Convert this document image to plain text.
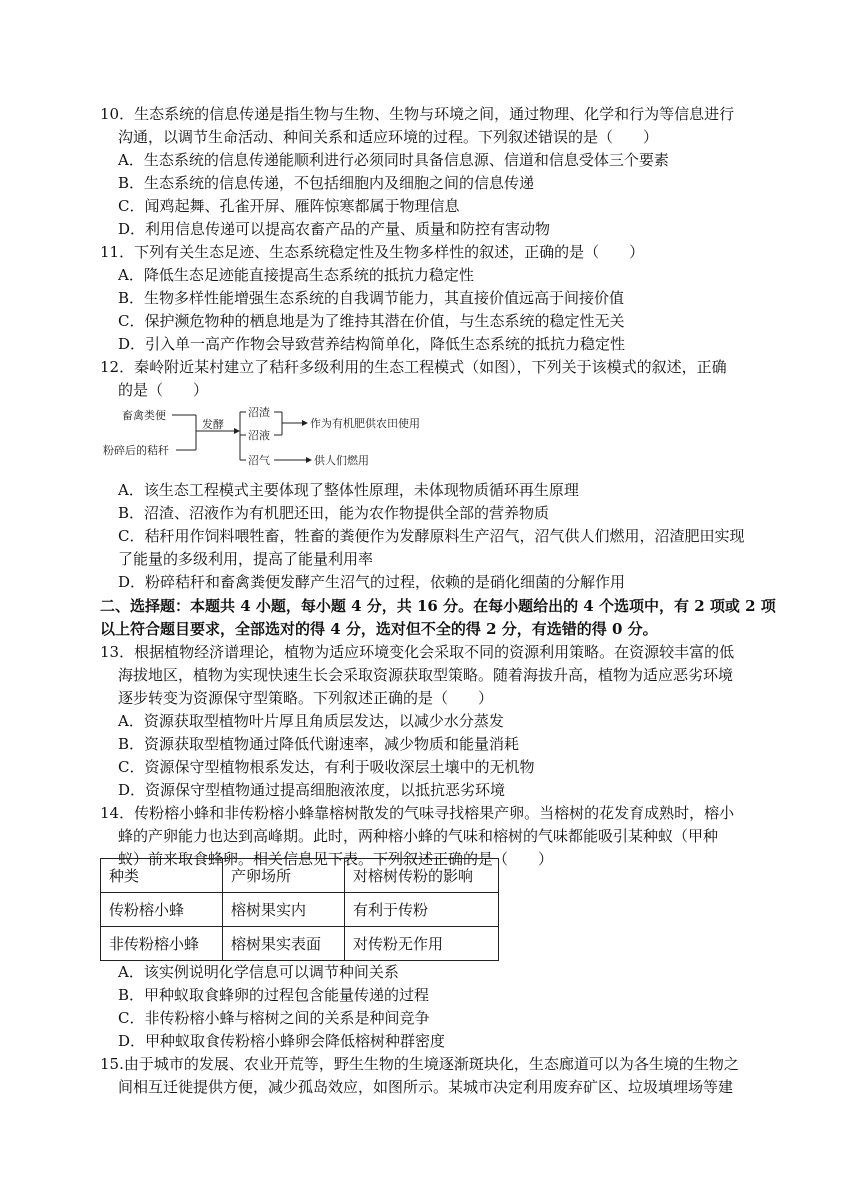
10．生态系统的信息传递是指生物与生物、生物与环境之间，通过物理、化学和行为等信息进行
沟通，以调节生命活动、种间关系和适应环境的过程。下列叙述错误的是（　　）
A．生态系统的信息传递能顺利进行必须同时具备信息源、信道和信息受体三个要素
B．生态系统的信息传递，不包括细胞内及细胞之间的信息传递
C．闻鸡起舞、孔雀开屏、雁阵惊寒都属于物理信息
D．利用信息传递可以提高农畜产品的产量、质量和防控有害动物
11．下列有关生态足迹、生态系统稳定性及生物多样性的叙述，正确的是（　　）
A．降低生态足迹能直接提高生态系统的抵抗力稳定性
B．生物多样性能增强生态系统的自我调节能力，其直接价值远高于间接价值
C．保护濒危物种的栖息地是为了维持其潜在价值，与生态系统的稳定性无关
D．引入单一高产作物会导致营养结构简单化，降低生态系统的抵抗力稳定性
12．秦岭附近某村建立了秸秆多级利用的生态工程模式（如图），下列关于该模式的叙述，正确
的是（　　）
畜禽类便
粉碎后的秸秆
发酵
沼渣
沼液
沼气
作为有机肥供农田使用
供人们燃用
A．该生态工程模式主要体现了整体性原理，未体现物质循环再生原理
B．沼渣、沼液作为有机肥还田，能为农作物提供全部的营养物质
C．秸秆用作饲料喂牲畜，牲畜的粪便作为发酵原料生产沼气，沼气供人们燃用，沼渣肥田实现
了能量的多级利用，提高了能量利用率
D．粉碎秸秆和畜禽粪便发酵产生沼气的过程，依赖的是硝化细菌的分解作用
二、选择题：本题共 4 小题，每小题 4 分，共 16 分。在每小题给出的 4 个选项中，有 2 项或 2 项
以上符合题目要求，全部选对的得 4 分，选对但不全的得 2 分，有选错的得 0 分。
13．根据植物经济谱理论，植物为适应环境变化会采取不同的资源利用策略。在资源较丰富的低
海拔地区，植物为实现快速生长会采取资源获取型策略。随着海拔升高，植物为适应恶劣环境
逐步转变为资源保守型策略。下列叙述正确的是（　　）
A．资源获取型植物叶片厚且角质层发达，以减少水分蒸发
B．资源获取型植物通过降低代谢速率，减少物质和能量消耗
C．资源保守型植物根系发达，有利于吸收深层土壤中的无机物
D．资源保守型植物通过提高细胞液浓度，以抵抗恶劣环境
14．传粉榕小蜂和非传粉榕小蜂靠榕树散发的气味寻找榕果产卵。当榕树的花发育成熟时，榕小
蜂的产卵能力也达到高峰期。此时，两种榕小蜂的气味和榕树的气味都能吸引某种蚁（甲种
蚁）前来取食蜂卵。相关信息见下表。下列叙述正确的是（　　）
种类	产卵场所	对榕树传粉的影响
传粉榕小蜂	榕树果实内	有利于传粉
非传粉榕小蜂	榕树果实表面	对传粉无作用
A．该实例说明化学信息可以调节种间关系
B．甲种蚁取食蜂卵的过程包含能量传递的过程
C．非传粉榕小蜂与榕树之间的关系是种间竞争
D．甲种蚁取食传粉榕小蜂卵会降低榕树种群密度
15.由于城市的发展、农业开荒等，野生生物的生境逐渐斑块化，生态廊道可以为各生境的生物之
间相互迁徙提供方便，减少孤岛效应，如图所示。某城市决定利用废弃矿区、垃圾填埋场等建
